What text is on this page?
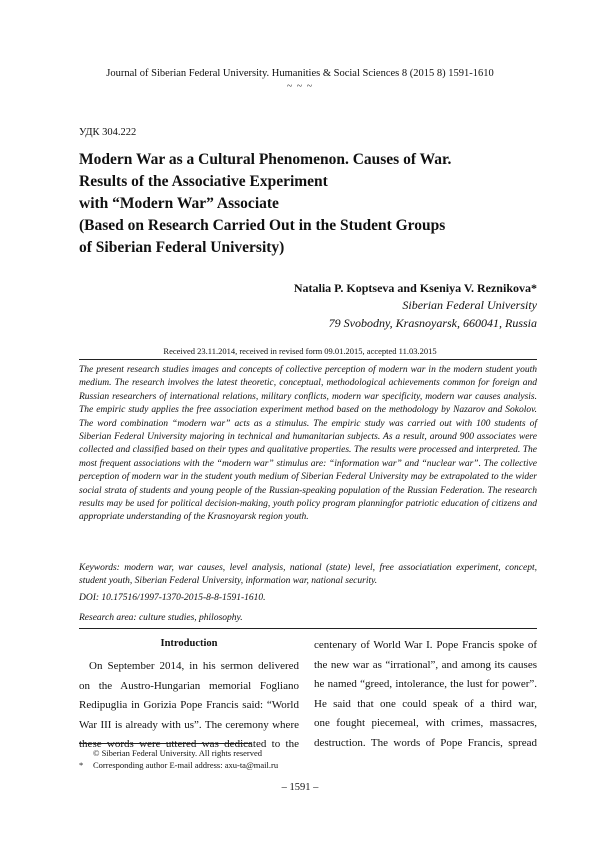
Journal of Siberian Federal University. Humanities & Social Sciences 8 (2015 8) 1591-1610
~ ~ ~
УДК 304.222
Modern War as a Cultural Phenomenon. Causes of War.
Results of the Associative Experiment
with “Modern War” Associate
(Based on Research Carried Out in the Student Groups
of Siberian Federal University)
Natalia P. Koptseva and Kseniya V. Reznikova*
Siberian Federal University
79 Svobodny, Krasnoyarsk, 660041, Russia
Received 23.11.2014, received in revised form 09.01.2015, accepted 11.03.2015

The present research studies images and concepts of collective perception of modern war in the modern student youth medium. The research involves the latest theoretic, conceptual, methodological achievements common for foreign and Russian researchers of international relations, military conflicts, modern war specificity, modern war causes analysis. The empiric study applies the free association experiment method based on the methodology by Nazarov and Sokolov. The word combination “modern war” acts as a stimulus. The empiric study was carried out with 100 students of Siberian Federal University majoring in technical and humanitarian subjects. As a result, around 900 associates were collected and classified based on their types and qualitative properties. The results were processed and interpreted. The most frequent associations with the “modern war” stimulus are: “information war” and “nuclear war”. The collective perception of modern war in the student youth medium of Siberian Federal University may be extrapolated to the wider social strata of students and young people of the Russian-speaking population of the Russian Federation. The research results may be used for political decision-making, youth policy program planningfor patriotic education of citizens and appropriate understanding of the Krasnoyarsk region youth.

Keywords: modern war, war causes, level analysis, national (state) level, free associatiation experiment, concept, student youth, Siberian Federal University, information war, national security.

DOI: 10.17516/1997-1370-2015-8-8-1591-1610.

Research area: culture studies, philosophy.

Introduction

On September 2014, in his sermon delivered
on the Austro-Hungarian memorial Fogliano
Redipuglia in Gorizia Pope Francis said: “World
War III is already with us”. The ceremony where
these words were uttered was dedicated to the

centenary of World War I. Pope Francis spoke of
the new war as “irrational”, and among its causes
he named “greed, intolerance, the lust for power”.
He said that one could speak of a third war,
one fought piecemeal, with crimes, massacres,
destruction. The words of Pope Francis, spread

© Siberian Federal University. All rights reserved
* Corresponding author E-mail address: axu-ta@mail.ru
– 1591 –
